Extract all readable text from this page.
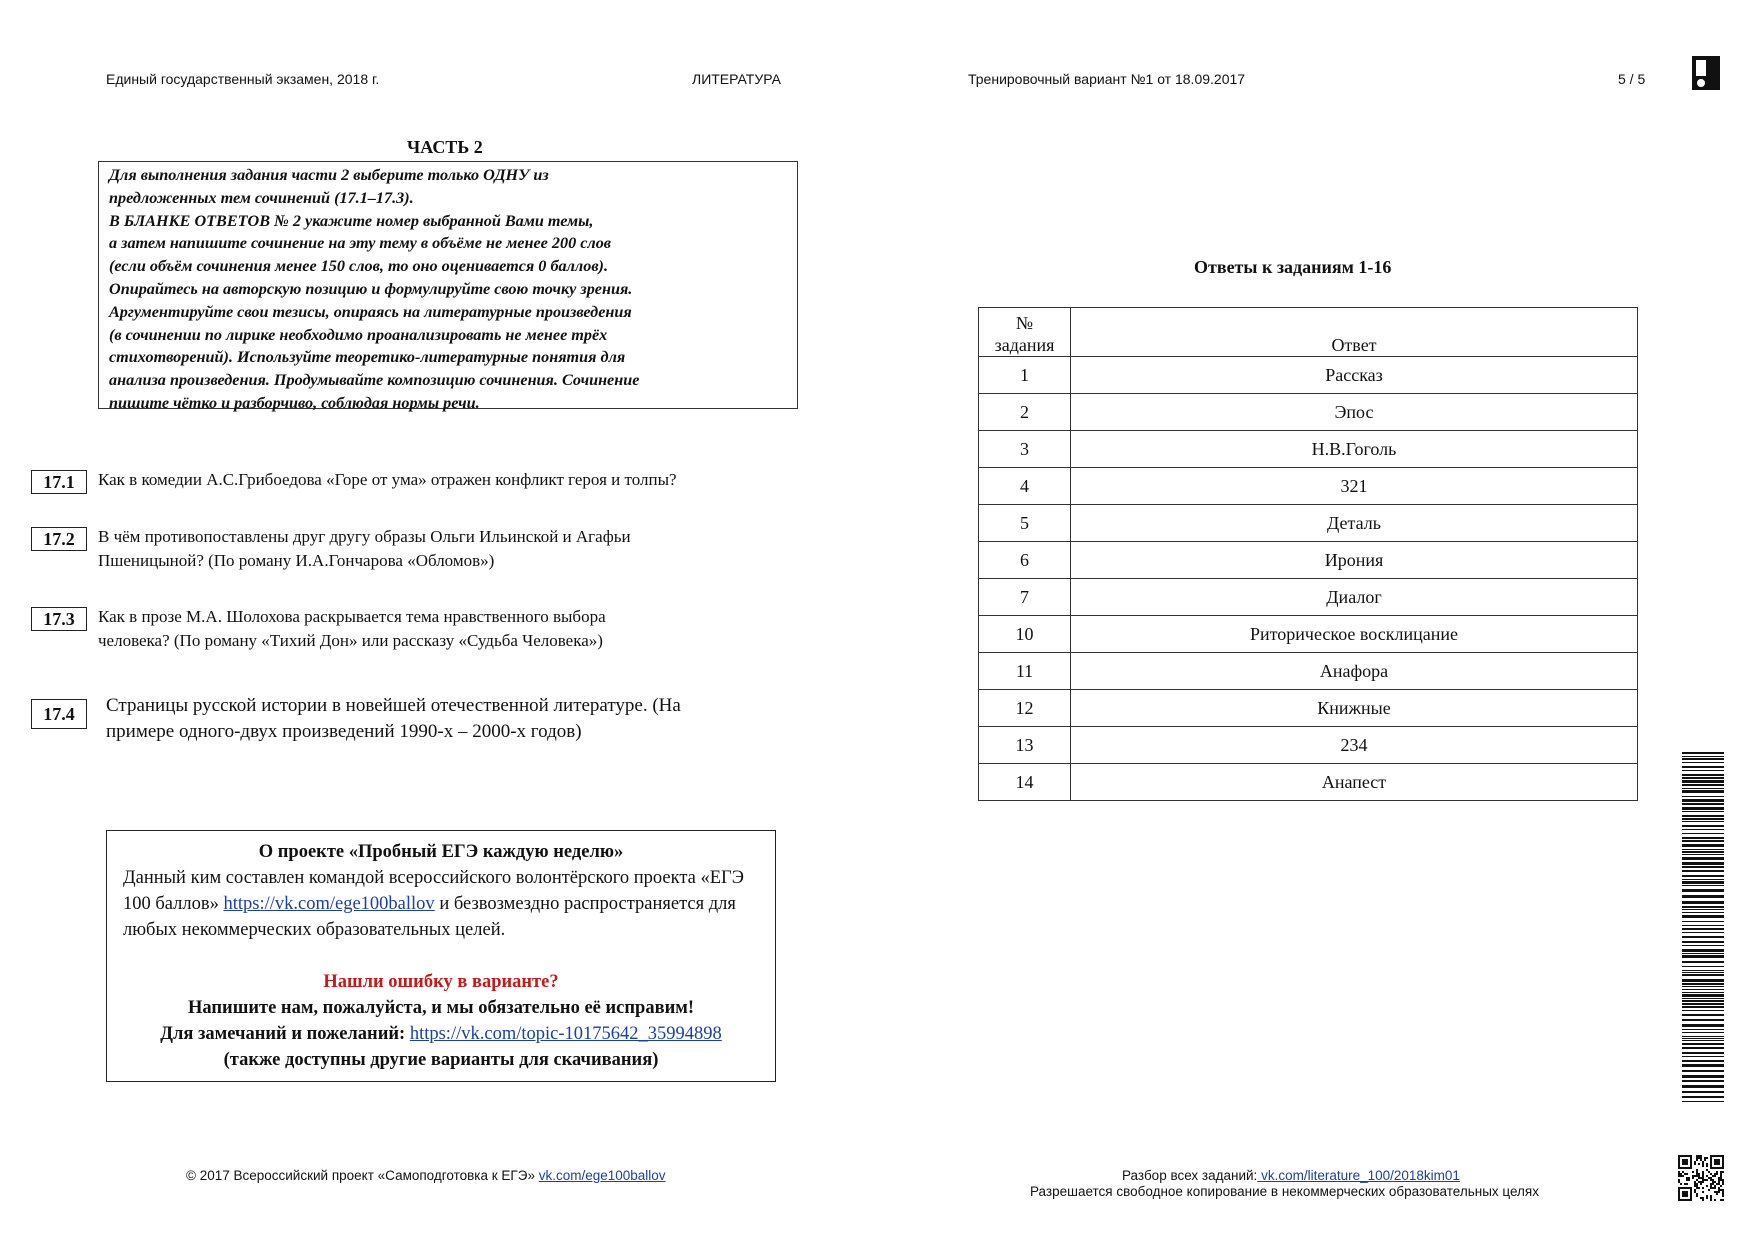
Единый государственный экзамен, 2018 г.	ЛИТЕРАТУРА	Тренировочный вариант №1 от 18.09.2017	5 / 5
ЧАСТЬ 2
Для выполнения задания части 2 выберите только ОДНУ из
предложенных тем сочинений (17.1–17.3).
В БЛАНКЕ ОТВЕТОВ № 2 укажите номер выбранной Вами темы,
а затем напишите сочинение на эту тему в объёме не менее 200 слов
(если объём сочинения менее 150 слов, то оно оценивается 0 баллов).
Опирайтесь на авторскую позицию и формулируйте свою точку зрения.
Аргументируйте свои тезисы, опираясь на литературные произведения
(в сочинении по лирике необходимо проанализировать не менее трёх
стихотворений). Используйте теоретико-литературные понятия для
анализа произведения. Продумывайте композицию сочинения. Сочинение
пишите чётко и разборчиво, соблюдая нормы речи.
17.1	Как в комедии А.С.Грибоедова «Горе от ума» отражен конфликт героя и толпы?
17.2	В чём противопоставлены друг другу образы Ольги Ильинской и Агафьи
Пшеницыной? (По роману И.А.Гончарова «Обломов»)
17.3	Как в прозе М.А. Шолохова раскрывается тема нравственного выбора
человека? (По роману «Тихий Дон» или рассказу «Судьба Человека»)
17.4	Страницы русской истории в новейшей отечественной литературе. (На
примере одного-двух произведений 1990-х – 2000-х годов)
Ответы к заданиям 1-16
№
задания	Ответ
1	Рассказ
2	Эпос
3	Н.В.Гоголь
4	321
5	Деталь
6	Ирония
7	Диалог
10	Риторическое восклицание
11	Анафора
12	Книжные
13	234
14	Анапест
О проекте «Пробный ЕГЭ каждую неделю»
Данный ким составлен командой всероссийского волонтёрского проекта «ЕГЭ 100 баллов» https://vk.com/ege100ballov и безвозмездно распространяется для любых некоммерческих образовательных целей.
Нашли ошибку в варианте?
Напишите нам, пожалуйста, и мы обязательно её исправим!
Для замечаний и пожеланий: https://vk.com/topic-10175642_35994898
(также доступны другие варианты для скачивания)
© 2017 Всероссийский проект «Самоподготовка к ЕГЭ» vk.com/ege100ballov	Разбор всех заданий: vk.com/literature_100/2018kim01
Разрешается свободное копирование в некоммерческих образовательных целях
